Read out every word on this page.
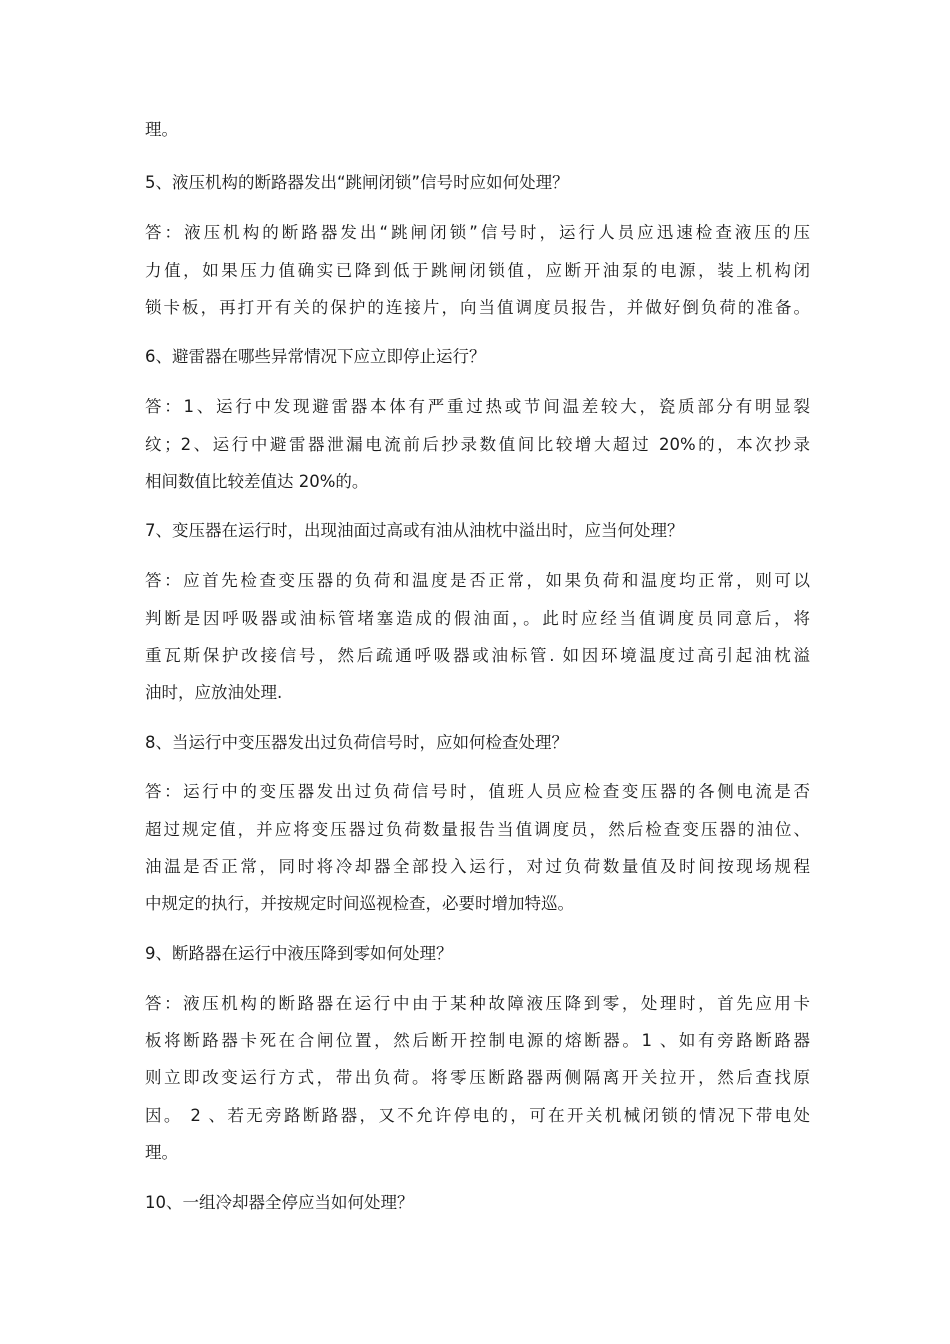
理。

5、液压机构的断路器发出“跳闸闭锁”信号时应如何处理？

答：液压机构的断路器发出“跳闸闭锁”信号时，运行人员应迅速检查液压的压

力值，如果压力值确实已降到低于跳闸闭锁值，应断开油泵的电源，装上机构闭

锁卡板，再打开有关的保护的连接片，向当值调度员报告，并做好倒负荷的准备。

6、避雷器在哪些异常情况下应立即停止运行？

答：1、运行中发现避雷器本体有严重过热或节间温差较大，瓷质部分有明显裂

纹；2、运行中避雷器泄漏电流前后抄录数值间比较增大超过 20%的，本次抄录

相间数值比较差值达 20%的。

7、变压器在运行时，出现油面过高或有油从油枕中溢出时，应当何处理？

答：应首先检查变压器的负荷和温度是否正常，如果负荷和温度均正常，则可以

判断是因呼吸器或油标管堵塞造成的假油面，。此时应经当值调度员同意后，将

重瓦斯保护改接信号，然后疏通呼吸器或油标管. 如因环境温度过高引起油枕溢

油时，应放油处理.

8、当运行中变压器发出过负荷信号时，应如何检查处理？

答：运行中的变压器发出过负荷信号时，值班人员应检查变压器的各侧电流是否

超过规定值，并应将变压器过负荷数量报告当值调度员，然后检查变压器的油位、

油温是否正常，同时将冷却器全部投入运行，对过负荷数量值及时间按现场规程

中规定的执行，并按规定时间巡视检查，必要时增加特巡。

9、断路器在运行中液压降到零如何处理？

答：液压机构的断路器在运行中由于某种故障液压降到零，处理时，首先应用卡

板将断路器卡死在合闸位置，然后断开控制电源的熔断器。1 、如有旁路断路器

则立即改变运行方式，带出负荷。将零压断路器两侧隔离开关拉开，然后查找原

因。 2 、若无旁路断路器，又不允许停电的，可在开关机械闭锁的情况下带电处

理。

10、一组冷却器全停应当如何处理？
